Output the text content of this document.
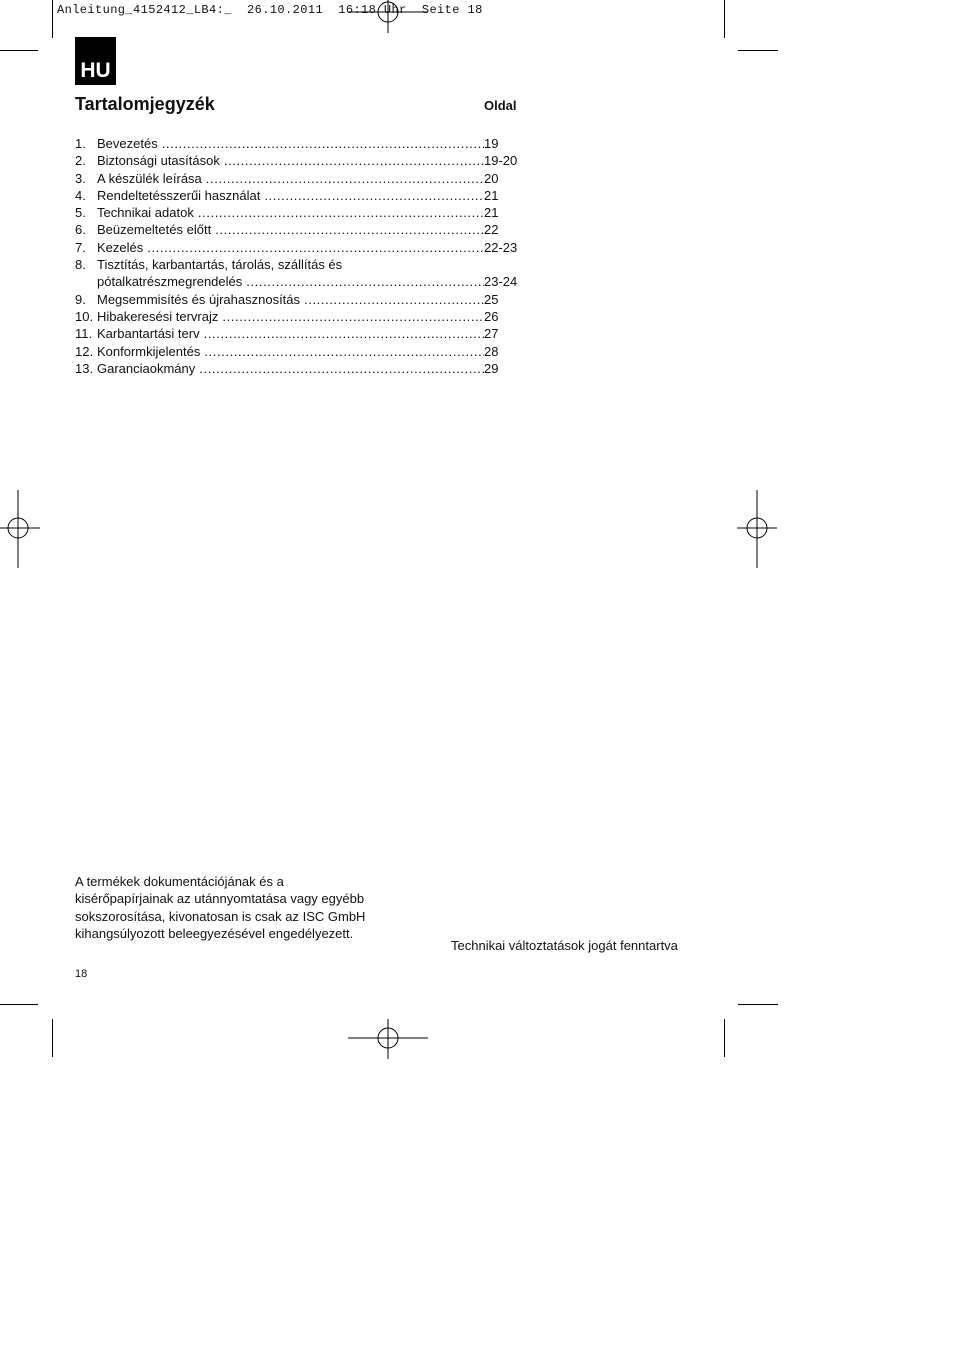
Anleitung_4152412_LB4:_  26.10.2011  16:18 Uhr  Seite 18
HU
Tartalomjegyzék	Oldal
1. Bevezetés .....	19
2. Biztonsági utasítások .....	19-20
3. A készülék leírása .....	20
4. Rendeltetésszerűi használat .....	21
5. Technikai adatok .....	21
6. Beüzemeltetés előtt .....	22
7. Kezelés .....	22-23
8. Tisztítás, karbantartás, tárolás, szállítás és
pótalkatrészmegrendelés .....	23-24
9. Megsemmisítés és újrahasznosítás .....	25
10. Hibakeresési tervrajz .....	26
11. Karbantartási terv .....	27
12. Konformkijelentés .....	28
13. Garanciaokmány .....	29
A termékek dokumentációjának és a kisérőpapírjainak az utánnyomtatása vagy egyébb sokszorosítása, kivonatosan is csak az ISC GmbH kihangsúlyozott beleegyezésével engedélyezett.
Technikai változtatások jogát fenntartva
18
